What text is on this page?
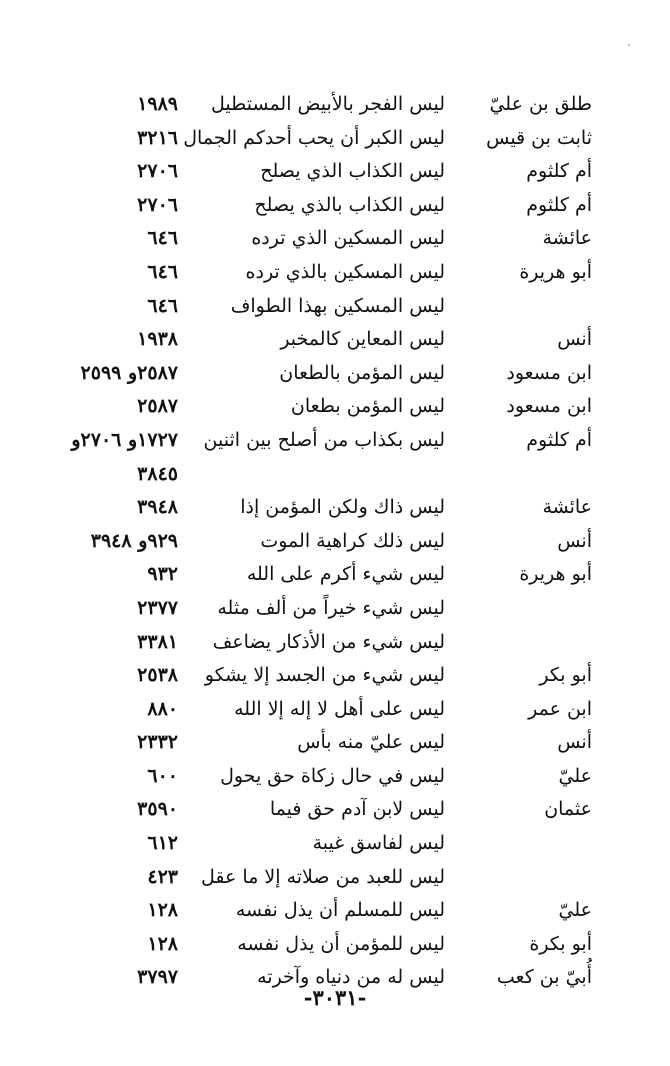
طلق بن عليّ
ليس الفجر بالأبيض المستطيل
١٩٨٩
ثابت بن قيس
ليس الكبر أن يحب أحدكم الجمال
٣٢١٦
أم كلثوم
ليس الكذاب الذي يصلح
٢٧٠٦
أم كلثوم
ليس الكذاب بالذي يصلح
٢٧٠٦
عائشة
ليس المسكين الذي ترده
٦٤٦
أبو هريرة
ليس المسكين بالذي ترده
٦٤٦
ليس المسكين بهذا الطواف
٦٤٦
أنس
ليس المعاين كالمخبر
١٩٣٨
ابن مسعود
ليس المؤمن بالطعان
٢٥٨٧و ٢٥٩٩
ابن مسعود
ليس المؤمن بطعان
٢٥٨٧
أم كلثوم
ليس بكذاب من أصلح بين اثنين
١٧٢٧و ٢٧٠٦و
٣٨٤٥
عائشة
ليس ذاك ولكن المؤمن إذا
٣٩٤٨
أنس
ليس ذلك كراهية الموت
٩٢٩و ٣٩٤٨
أبو هريرة
ليس شيء أكرم على الله
٩٣٢
ليس شيء خيراً من ألف مثله
٢٣٧٧
ليس شيء من الأذكار يضاعف
٣٣٨١
أبو بكر
ليس شيء من الجسد إلا يشكو
٢٥٣٨
ابن عمر
ليس على أهل لا إله إلا الله
٨٨٠
أنس
ليس عليّ منه بأس
٢٣٣٢
عليّ
ليس في حال زكاة حق يحول
٦٠٠
عثمان
ليس لابن آدم حق فيما
٣٥٩٠
ليس لفاسق غيبة
٦١٢
ليس للعبد من صلاته إلا ما عقل
٤٢٣
عليّ
ليس للمسلم أن يذل نفسه
١٢٨
أبو بكرة
ليس للمؤمن أن يذل نفسه
١٢٨
أُبيّ بن كعب
ليس له من دنياه وآخرته
٣٧٩٧
-٣٠٣١-
